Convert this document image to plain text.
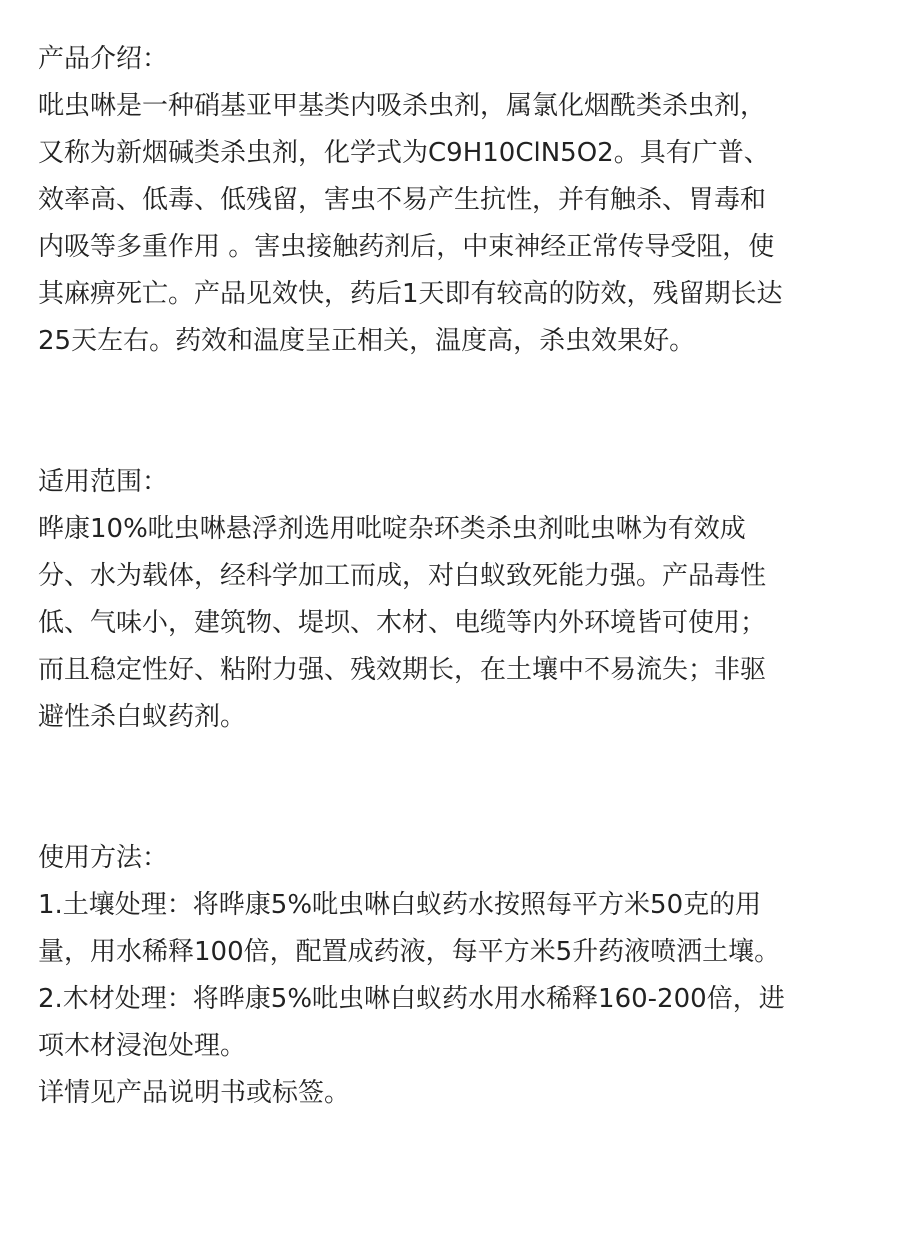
产品介绍：
吡虫啉是一种硝基亚甲基类内吸杀虫剂，属氯化烟酰类杀虫剂，
又称为新烟碱类杀虫剂，化学式为C9H10ClN5O2。具有广普、
效率高、低毒、低残留，害虫不易产生抗性，并有触杀、胃毒和
内吸等多重作用 。害虫接触药剂后，中束神经正常传导受阻，使
其麻痹死亡。产品见效快，药后1天即有较高的防效，残留期长达
25天左右。药效和温度呈正相关，温度高，杀虫效果好。
适用范围：
晔康10%吡虫啉悬浮剂选用吡啶杂环类杀虫剂吡虫啉为有效成
分、水为载体，经科学加工而成，对白蚁致死能力强。产品毒性
低、气味小，建筑物、堤坝、木材、电缆等内外环境皆可使用；
而且稳定性好、粘附力强、残效期长，在土壤中不易流失；非驱
避性杀白蚁药剂。
使用方法：
1.土壤处理：将晔康5%吡虫啉白蚁药水按照每平方米50克的用
量，用水稀释100倍，配置成药液，每平方米5升药液喷洒土壤。
2.木材处理：将晔康5%吡虫啉白蚁药水用水稀释160-200倍，进
项木材浸泡处理。
详情见产品说明书或标签。
